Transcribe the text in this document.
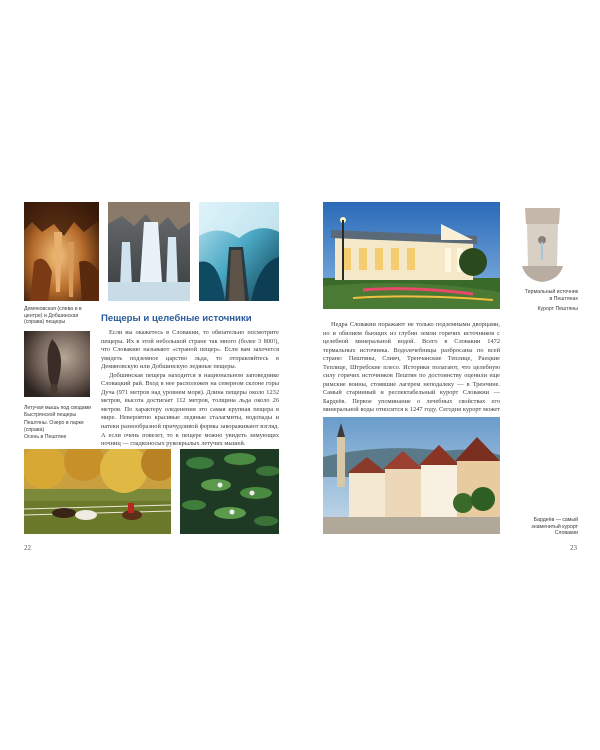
Демяновская (слева и в центре) и Добшинская (справа) пещеры
Летучая мышь под сводами Быстрянской пещеры
Пештяны. Озеро в парке (справа)
Осень в Пештяне
Пещеры и целебные источники

Если вы окажетесь в Словакии, то обязательно посмотрите пещеры. Их в этой небольшой стране так много (более 3 800!), что Словакию называют «страной пещер». Если вам захочется увидеть подземное царство льда, то отправляйтесь в Демяновскую или Добшинскую ледяные пещеры.

Добшинская пещера находится в национальном заповеднике Словацкий рай. Вход в нее расположен на северном склоне горы Дуча (971 метров над уровнем моря). Длина пещеры около 1232 метров, высота достигает 112 метров, толщина льда около 26 метров. По характеру оледенения это самая крупная пещера в мире. Невероятно красивые ледяные сталагмиты, водопады и натеки разнообразной причудливой формы завораживают взгляд. А если очень повезет, то в пещере можно увидеть зимующих ночниц — гладконосых рукокрылых летучих мышей.

22
Термальный источник в Пештянах
Курорт Пештяны

Недра Словакии поражают не только подземными дворцами, но и обилием бьющих из глубин земли горячих источников с целебной минеральной водой. Всего в Словакии 1472 термальных источника. Водолечебницы разбросаны по всей стране: Пештяны, Слияч, Тренчанские Теплице, Раецкие Теплице, Штребские плесо. Историки полагают, что целебную силу горячих источников Пештян по достоинству оценили еще римские воины, стоявшие лагерем неподалеку — в Тренчине. Самый старинный и респектабельный курорт Словакии — Бардеёв. Первое упоминание о лечебных свойствах его минеральной воды относится к 1247 году. Сегодня курорт может

Бардеёв — самый знаменитый курорт Словакии
23
